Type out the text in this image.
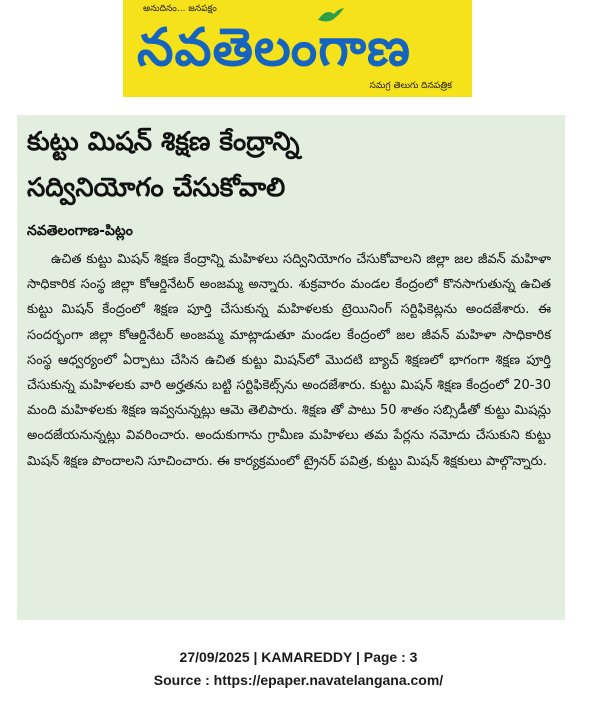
అనుదినం... జనపక్షం
నవతెలంగాణ
సమగ్ర తెలుగు దినపత్రిక
కుట్టు మిషన్ శిక్షణ కేంద్రాన్ని
సద్వినియోగం చేసుకోవాలి
నవతెలంగాణ-పిట్లం

ఉచిత కుట్టు మిషన్ శిక్షణ కేంద్రాన్ని మహిళలు సద్వినియోగం చేసుకోవాలని జిల్లా జల జీవన్ మహిళా సాధికారిక సంస్థ జిల్లా కోఆర్డినేటర్ అంజమ్మ అన్నారు. శుక్రవారం మండల కేంద్రంలో కొనసాగుతున్న ఉచిత కుట్టు మిషన్ కేంద్రంలో శిక్షణ పూర్తి చేసుకున్న మహిళలకు ట్రెయినింగ్ సర్టిఫికెట్లను అందజేశారు. ఈ సందర్భంగా జిల్లా కోఆర్డినేటర్ అంజమ్మ మాట్లాడుతూ మండల కేంద్రంలో జల జీవన్ మహిళా సాధికారిక సంస్థ ఆధ్వర్యంలో ఏర్పాటు చేసిన ఉచిత కుట్టు మిషన్‌లో మొదటి బ్యాచ్ శిక్షణలో భాగంగా శిక్షణ పూర్తి చేసుకున్న మహిళలకు వారి అర్హతను బట్టి సర్టిఫికెట్స్‌ను అందజేశారు. కుట్టు మిషన్ శిక్షణ కేంద్రంలో 20-30 మంది మహిళలకు శిక్షణ ఇవ్వనున్నట్లు ఆమె తెలిపారు. శిక్షణ తో పాటు 50 శాతం సబ్సిడీతో కుట్టు మిషన్లు అందజేయనున్నట్లు వివరించారు. అందుకుగాను గ్రామీణ మహిళలు తమ పేర్లను నమోదు చేసుకుని కుట్టు మిషన్ శిక్షణ పొందాలని సూచించారు. ఈ కార్యక్రమంలో ట్రైనర్ పవిత్ర, కుట్టు మిషన్ శిక్షకులు పాల్గొన్నారు.

27/09/2025 | KAMAREDDY | Page : 3
Source : https://epaper.navatelangana.com/
